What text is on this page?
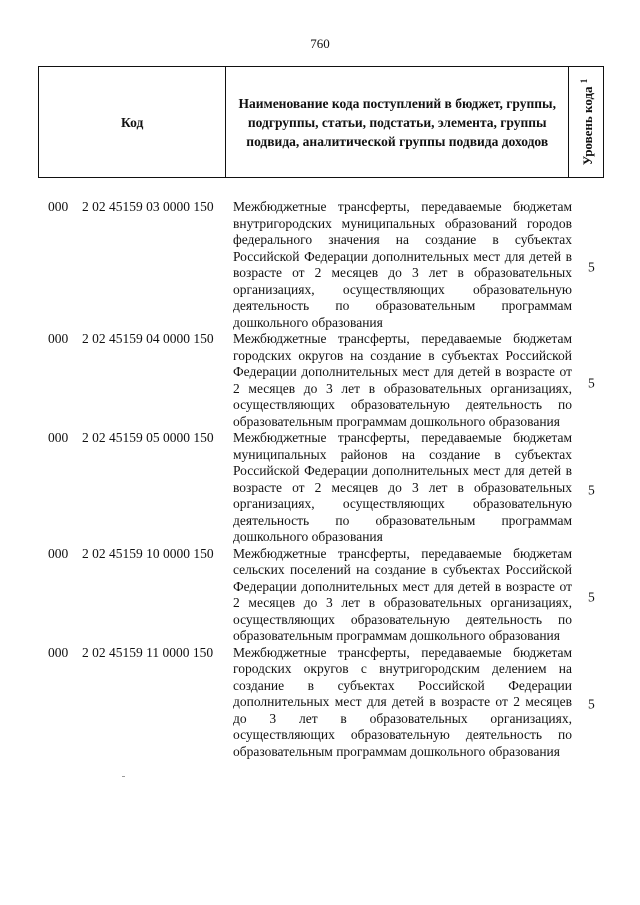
760
Код
Наименование кода поступлений в бюджет, группы, подгруппы, статьи, подстатьи, элемента, группы подвида, аналитической группы подвида доходов	Уровень кода $^1$
000 2 02 45159 03 0000 150 Межбюджетные трансферты, передаваемые бюджетам внутригородских муниципальных образований городов федерального значения на создание в субъектах Российской Федерации дополнительных мест для детей в возрасте от 2 месяцев до 3 лет в образовательных организациях, осуществляющих образовательную деятельность по образовательным программам дошкольного образования
5
000 2 02 45159 04 0000 150 Межбюджетные трансферты, передаваемые бюджетам городских округов на создание в субъектах Российской Федерации дополнительных мест для детей в возрасте от 2 месяцев до 3 лет в образовательных организациях, осуществляющих образовательную деятельность по образовательным программам дошкольного образования
5
000 2 02 45159 05 0000 150 Межбюджетные трансферты, передаваемые бюджетам муниципальных районов на создание в субъектах Российской Федерации дополнительных мест для детей в возрасте от 2 месяцев до 3 лет в образовательных организациях, осуществляющих образовательную деятельность по образовательным программам дошкольного образования
5
000 2 02 45159 10 0000 150 Межбюджетные трансферты, передаваемые бюджетам сельских поселений на создание в субъектах Российской Федерации дополнительных мест для детей в возрасте от 2 месяцев до 3 лет в образовательных организациях, осуществляющих образовательную деятельность по образовательным программам дошкольного образования
5
000 2 02 45159 11 0000 150 Межбюджетные трансферты, передаваемые бюджетам городских округов с внутригородским делением на создание в субъектах Российской Федерации дополнительных мест для детей в возрасте от 2 месяцев до 3 лет в образовательных организациях, осуществляющих образовательную деятельность по образовательным программам дошкольного образования
5
